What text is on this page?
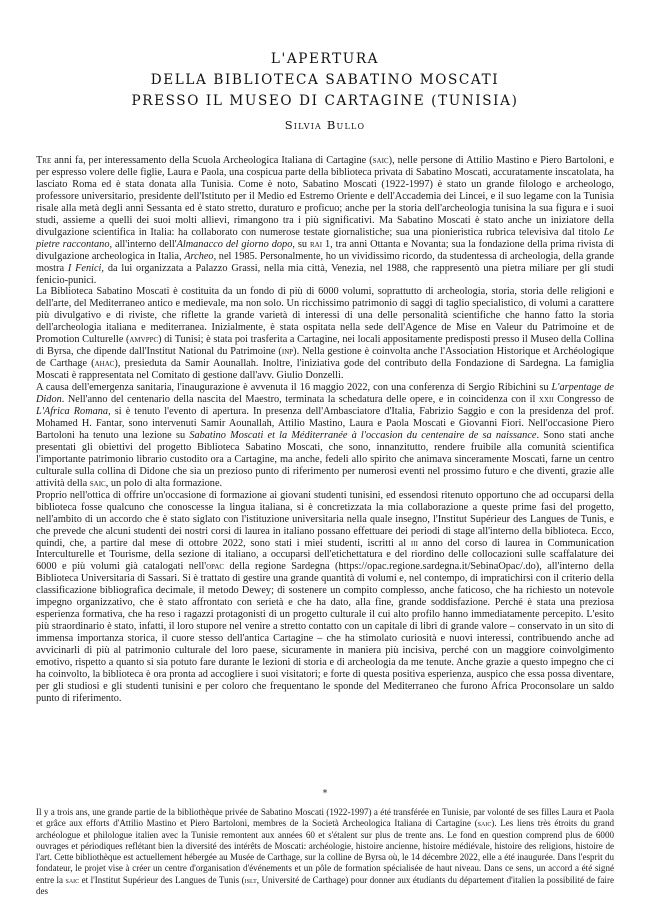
L'APERTURA
DELLA BIBLIOTECA SABATINO MOSCATI
PRESSO IL MUSEO DI CARTAGINE (TUNISIA)
Silvia Bullo

Tre anni fa, per interessamento della Scuola Archeologica Italiana di Cartagine (saic), nelle persone di Attilio Mastino e Piero Bartoloni, e per espresso volere delle figlie, Laura e Paola, una cospicua parte della biblioteca privata di Sabatino Moscati, accuratamente inscatolata, ha lasciato Roma ed è stata donata alla Tunisia. Come è noto, Sabatino Moscati (1922-1997) è stato un grande filologo e archeologo, professore universitario, presidente dell'Istituto per il Medio ed Estremo Oriente e dell'Accademia dei Lincei, e il suo legame con la Tunisia risale alla metà degli anni Sessanta ed è stato stretto, duraturo e proficuo; anche per la storia dell'archeologia tunisina la sua figura e i suoi studi, assieme a quelli dei suoi molti allievi, rimangono tra i più significativi. Ma Sabatino Moscati è stato anche un iniziatore della divulgazione scientifica in Italia: ha collaborato con numerose testate giornalistiche; sua una pionieristica rubrica televisiva dal titolo Le pietre raccontano, all'interno dell'Almanacco del giorno dopo, su rai 1, tra anni Ottanta e Novanta; sua la fondazione della prima rivista di divulgazione archeologica in Italia, Archeo, nel 1985. Personalmente, ho un vividissimo ricordo, da studentessa di archeologia, della grande mostra I Fenici, da lui organizzata a Palazzo Grassi, nella mia città, Venezia, nel 1988, che rappresentò una pietra miliare per gli studi fenicio-punici.

La Biblioteca Sabatino Moscati è costituita da un fondo di più di 6000 volumi, soprattutto di archeologia, storia, storia delle religioni e dell'arte, del Mediterraneo antico e medievale, ma non solo. Un ricchissimo patrimonio di saggi di taglio specialistico, di volumi a carattere più divulgativo e di riviste, che riflette la grande varietà di interessi di una delle personalità scientifiche che hanno fatto la storia dell'archeologia italiana e mediterranea. Inizialmente, è stata ospitata nella sede dell'Agence de Mise en Valeur du Patrimoine et de Promotion Culturelle (amvppc) di Tunisi; è stata poi trasferita a Cartagine, nei locali appositamente predisposti presso il Museo della Collina di Byrsa, che dipende dall'Institut National du Patrimoine (inp). Nella gestione è coinvolta anche l'Association Historique et Archéologique de Carthage (ahac), presieduta da Samir Aounallah. Inoltre, l'iniziativa gode del contributo della Fondazione di Sardegna. La famiglia Moscati è rappresentata nel Comitato di gestione dall'avv. Giulio Donzelli.

A causa dell'emergenza sanitaria, l'inaugurazione è avvenuta il 16 maggio 2022, con una conferenza di Sergio Ribichini su L'arpentage de Didon. Nell'anno del centenario della nascita del Maestro, terminata la schedatura delle opere, e in coincidenza con il xxii Congresso de L'Africa Romana, si è tenuto l'evento di apertura. In presenza dell'Ambasciatore d'Italia, Fabrizio Saggio e con la presidenza del prof. Mohamed H. Fantar, sono intervenuti Samir Aounallah, Attilio Mastino, Laura e Paola Moscati e Giovanni Fiori. Nell'occasione Piero Bartoloni ha tenuto una lezione su Sabatino Moscati et la Méditerranée à l'occasion du centenaire de sa naissance. Sono stati anche presentati gli obiettivi del progetto Biblioteca Sabatino Moscati, che sono, innanzitutto, rendere fruibile alla comunità scientifica l'importante patrimonio librario custodito ora a Cartagine, ma anche, fedeli allo spirito che animava sinceramente Moscati, farne un centro culturale sulla collina di Didone che sia un prezioso punto di riferimento per numerosi eventi nel prossimo futuro e che diventi, grazie alle attività della saic, un polo di alta formazione.

Proprio nell'ottica di offrire un'occasione di formazione ai giovani studenti tunisini, ed essendosi ritenuto opportuno che ad occuparsi della biblioteca fosse qualcuno che conoscesse la lingua italiana, si è concretizzata la mia collaborazione a queste prime fasi del progetto, nell'ambito di un accordo che è stato siglato con l'istituzione universitaria nella quale insegno, l'Institut Supérieur des Langues de Tunis, e che prevede che alcuni studenti dei nostri corsi di laurea in italiano possano effettuare dei periodi di stage all'interno della biblioteca. Ecco, quindi, che, a partire dal mese di ottobre 2022, sono stati i miei studenti, iscritti al iii anno del corso di laurea in Communication Interculturelle et Tourisme, della sezione di italiano, a occuparsi dell'etichettatura e del riordino delle collocazioni sulle scaffalature dei 6000 e più volumi già catalogati nell'opac della regione Sardegna (https://opac.regione.sardegna.it/SebinaOpac/.do), all'interno della Biblioteca Universitaria di Sassari. Si è trattato di gestire una grande quantità di volumi e, nel contempo, di impratichirsi con il criterio della classificazione bibliografica decimale, il metodo Dewey; di sostenere un compito complesso, anche faticoso, che ha richiesto un notevole impegno organizzativo, che è stato affrontato con serietà e che ha dato, alla fine, grande soddisfazione. Perché è stata una preziosa esperienza formativa, che ha reso i ragazzi protagonisti di un progetto culturale il cui alto profilo hanno immediatamente percepito. L'esito più straordinario è stato, infatti, il loro stupore nel venire a stretto contatto con un capitale di libri di grande valore – conservato in un sito di immensa importanza storica, il cuore stesso dell'antica Cartagine – che ha stimolato curiosità e nuovi interessi, contribuendo anche ad avvicinarli di più al patrimonio culturale del loro paese, sicuramente in maniera più incisiva, perché con un maggiore coinvolgimento emotivo, rispetto a quanto si sia potuto fare durante le lezioni di storia e di archeologia da me tenute. Anche grazie a questo impegno che ci ha coinvolto, la biblioteca è ora pronta ad accogliere i suoi visitatori; e forte di questa positiva esperienza, auspico che essa possa diventare, per gli studiosi e gli studenti tunisini e per coloro che frequentano le sponde del Mediterraneo che furono Africa Proconsolare un saldo punto di riferimento.

*

Il y a trois ans, une grande partie de la bibliothèque privée de Sabatino Moscati (1922-1997) a été transférée en Tunisie, par volonté de ses filles Laura et Paola et grâce aux efforts d'Attilio Mastino et Piero Bartoloni, membres de la Società Archeologica Italiana di Cartagine (saic). Les liens très étroits du grand archéologue et philologue italien avec la Tunisie remontent aux années 60 et s'étalent sur plus de trente ans. Le fond en question comprend plus de 6000 ouvrages et périodiques reflétant bien la diversité des intérêts de Moscati: archéologie, histoire ancienne, histoire médiévale, histoire des religions, histoire de l'art. Cette bibliothèque est actuellement hébergée au Musée de Carthage, sur la colline de Byrsa où, le 14 décembre 2022, elle a été inaugurée. Dans l'esprit du fondateur, le projet vise à créer un centre d'organisation d'événements et un pôle de formation spécialisée de haut niveau. Dans ce sens, un accord a été signé entre la saic et l'Institut Supérieur des Langues de Tunis (islt, Université de Carthage) pour donner aux étudiants du département d'italien la possibilité de faire des
